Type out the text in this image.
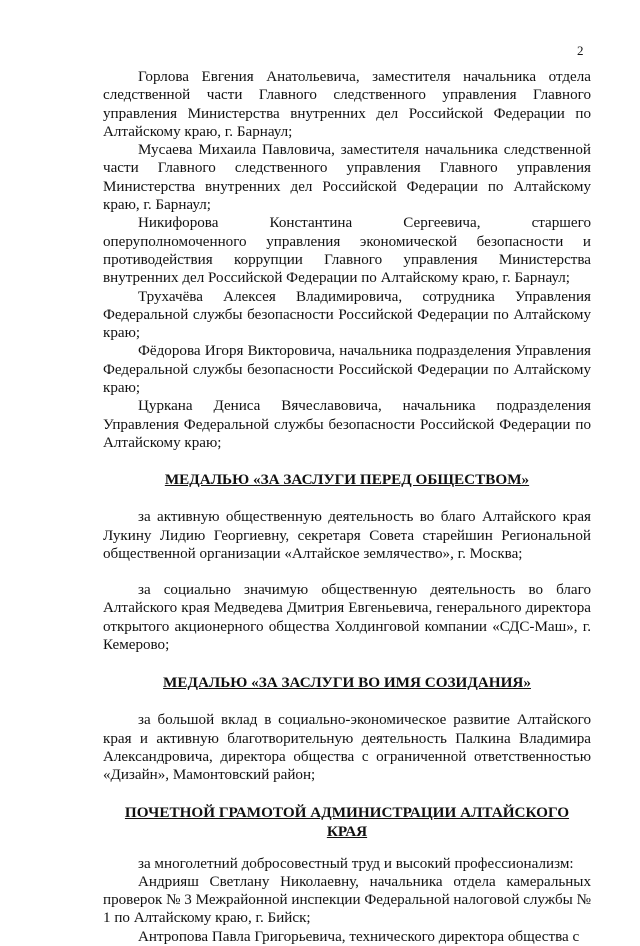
2

Горлова Евгения Анатольевича, заместителя начальника отдела следственной части Главного следственного управления Главного управления Министерства внутренних дел Российской Федерации по Алтайскому краю, г. Барнаул;

Мусаева Михаила Павловича, заместителя начальника следственной части Главного следственного управления Главного управления Министерства внутренних дел Российской Федерации по Алтайскому краю, г. Барнаул;

Никифорова Константина Сергеевича, старшего оперуполномоченного управления экономической безопасности и противодействия коррупции Главного управления Министерства внутренних дел Российской Федерации по Алтайскому краю, г. Барнаул;

Трухачёва Алексея Владимировича, сотрудника Управления Федеральной службы безопасности Российской Федерации по Алтайскому краю;

Фёдорова Игоря Викторовича, начальника подразделения Управления Федеральной службы безопасности Российской Федерации по Алтайскому краю;

Цуркана Дениса Вячеславовича, начальника подразделения Управления Федеральной службы безопасности Российской Федерации по Алтайскому краю;

МЕДАЛЬЮ «ЗА ЗАСЛУГИ ПЕРЕД ОБЩЕСТВОМ»

за активную общественную деятельность во благо Алтайского края Лукину Лидию Георгиевну, секретаря Совета старейшин Региональной общественной организации «Алтайское землячество», г. Москва;

за социально значимую общественную деятельность во благо Алтайского края Медведева Дмитрия Евгеньевича, генерального директора открытого акционерного общества Холдинговой компании «СДС-Маш», г. Кемерово;

МЕДАЛЬЮ «ЗА ЗАСЛУГИ ВО ИМЯ СОЗИДАНИЯ»

за большой вклад в социально-экономическое развитие Алтайского края и активную благотворительную деятельность Палкина Владимира Александровича, директора общества с ограниченной ответственностью «Дизайн», Мамонтовский район;

ПОЧЕТНОЙ ГРАМОТОЙ АДМИНИСТРАЦИИ АЛТАЙСКОГО КРАЯ

за многолетний добросовестный труд и высокий профессионализм:

Андрияш Светлану Николаевну, начальника отдела камеральных проверок № 3 Межрайонной инспекции Федеральной налоговой службы № 1 по Алтайскому краю, г. Бийск;

Антропова Павла Григорьевича, технического директора общества с
